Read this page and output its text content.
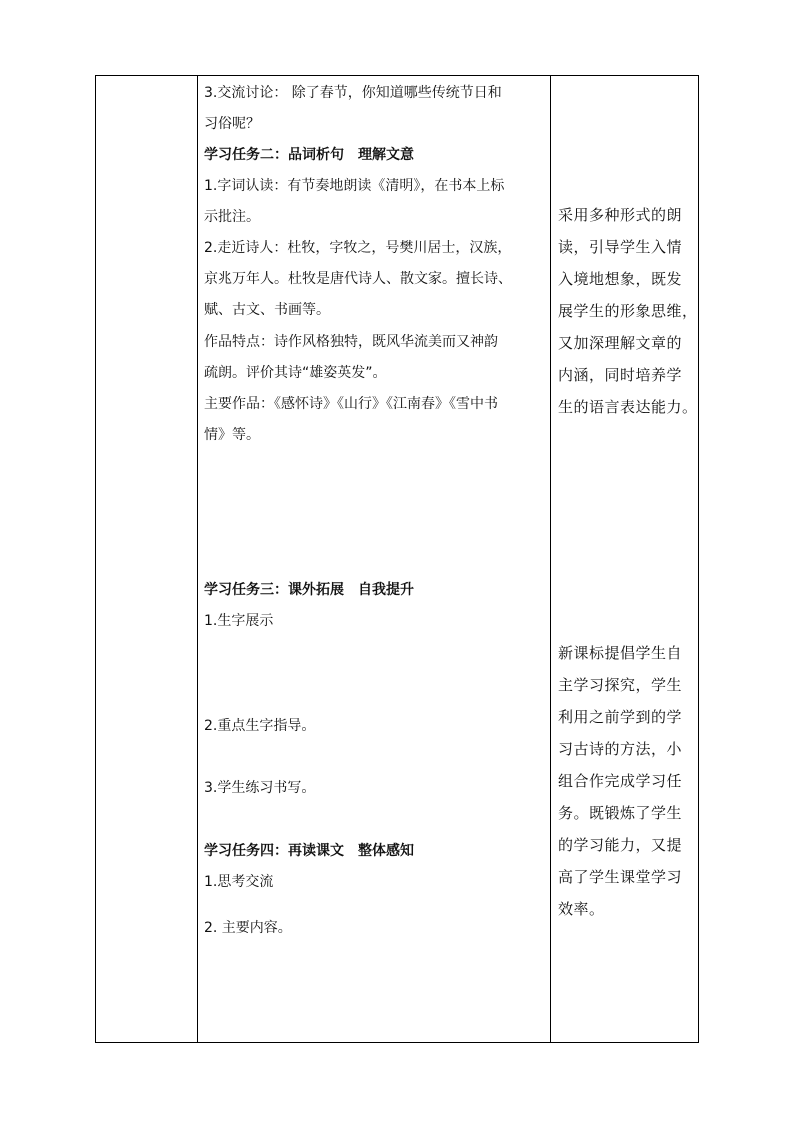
3.交流讨论： 除了春节，你知道哪些传统节日和
习俗呢？
学习任务二：品词析句　理解文意
1.字词认读：有节奏地朗读《清明》，在书本上标
示批注。
2.走近诗人：杜牧，字牧之，号樊川居士，汉族，
京兆万年人。杜牧是唐代诗人、散文家。擅长诗、
赋、古文、书画等。
作品特点：诗作风格独特，既风华流美而又神韵
疏朗。评价其诗“雄姿英发”。
主要作品：《感怀诗》《山行》《江南春》《雪中书
情》等。
学习任务三：课外拓展　自我提升
1.生字展示
2.重点生字指导。
3.学生练习书写。
学习任务四：再读课文　整体感知
1.思考交流
2. 主要内容。
采用多种形式的朗
读，引导学生入情
入境地想象，既发
展学生的形象思维，
又加深理解文章的
内涵，同时培养学
生的语言表达能力。
新课标提倡学生自
主学习探究，学生
利用之前学到的学
习古诗的方法，小
组合作完成学习任
务。既锻炼了学生
的学习能力，又提
高了学生课堂学习
效率。
